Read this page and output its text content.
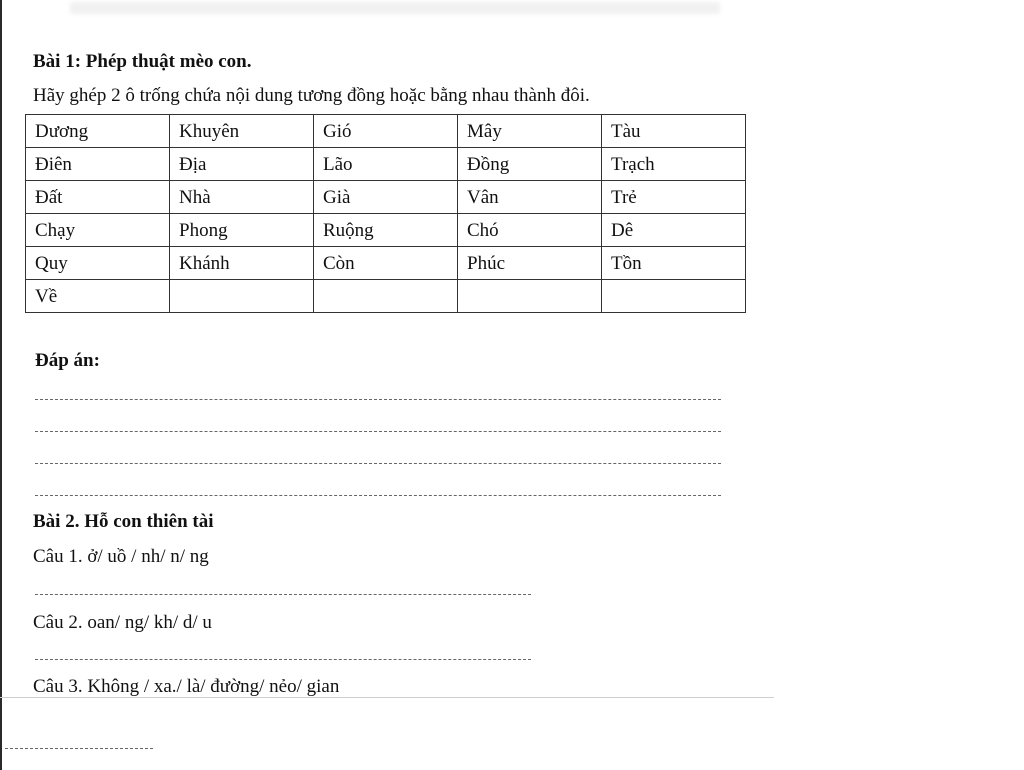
Bài 1: Phép thuật mèo con.
Hãy ghép 2 ô trống chứa nội dung tương đồng hoặc bằng nhau thành đôi.
Dương	Khuyên	Gió	Mây	Tàu
Điên	Địa	Lão	Đồng	Trạch
Đất	Nhà	Già	Vân	Trẻ
Chạy	Phong	Ruộng	Chó	Dê
Quy	Khánh	Còn	Phúc	Tồn
Về				
Đáp án:
Bài 2. Hỗ con thiên tài
Câu 1. ở/ uồ / nh/ n/ ng
Câu 2. oan/ ng/ kh/ d/ u
Câu 3. Không / xa./ là/ đường/ nẻo/ gian
